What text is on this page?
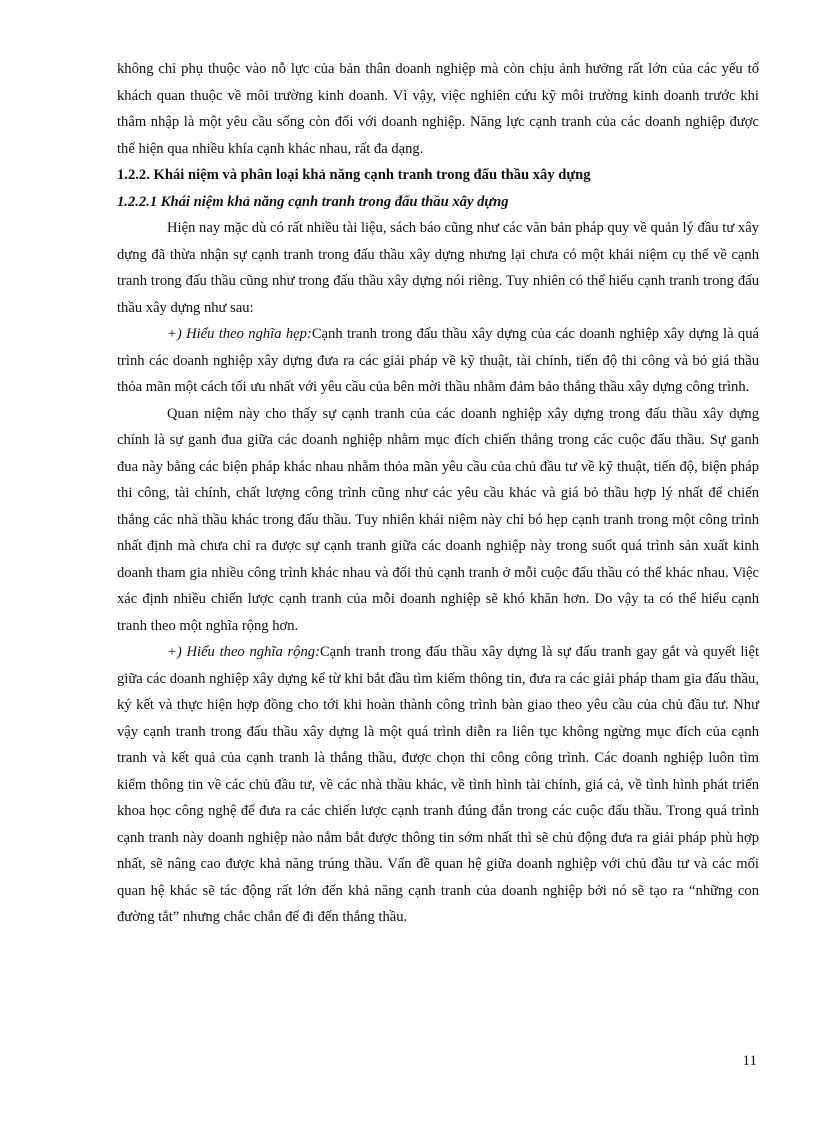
không chỉ phụ thuộc vào nỗ lực của bản thân doanh nghiệp mà còn chịu ảnh hưởng rất lớn của các yếu tố khách quan thuộc về môi trường kinh doanh. Vì vậy, việc nghiên cứu kỹ môi trường kinh doanh trước khi thâm nhập là một yêu cầu sống còn đối với doanh nghiệp. Năng lực cạnh tranh của các doanh nghiệp được thể hiện qua nhiều khía cạnh khác nhau, rất đa dạng.

1.2.2. Khái niệm và phân loại khả năng cạnh tranh trong đấu thầu xây dựng

1.2.2.1 Khái niệm khả năng cạnh tranh trong đấu thầu xây dựng

Hiện nay mặc dù có rất nhiều tài liệu, sách báo cũng như các văn bản pháp quy về quản lý đầu tư xây dựng đã thừa nhận sự cạnh tranh trong đấu thầu xây dựng nhưng lại chưa có một khái niệm cụ thể về cạnh tranh trong đấu thầu cũng như trong đấu thầu xây dựng nói riêng. Tuy nhiên có thể hiểu cạnh tranh trong đấu thầu xây dựng như sau:

+) Hiểu theo nghĩa hẹp:Cạnh tranh trong đấu thầu xây dựng của các doanh nghiệp xây dựng là quá trình các doanh nghiệp xây dựng đưa ra các giải pháp về kỹ thuật, tài chính, tiến độ thi công và bỏ giá thầu thỏa mãn một cách tối ưu nhất với yêu cầu của bên mời thầu nhằm đảm bảo thắng thầu xây dựng công trình.

Quan niệm này cho thấy sự cạnh tranh của các doanh nghiệp xây dựng trong đấu thầu xây dựng chính là sự ganh đua giữa các doanh nghiệp nhằm mục đích chiến thắng trong các cuộc đấu thầu. Sự ganh đua này bằng các biện pháp khác nhau nhằm thỏa mãn yêu cầu của chủ đầu tư về kỹ thuật, tiến độ, biện pháp thi công, tài chính, chất lượng công trình cũng như các yêu cầu khác và giá bỏ thầu hợp lý nhất để chiến thắng các nhà thầu khác trong đấu thầu. Tuy nhiên khái niệm này chỉ bó hẹp cạnh tranh trong một công trình nhất định mà chưa chỉ ra được sự cạnh tranh giữa các doanh nghiệp này trong suốt quá trình sản xuất kinh doanh tham gia nhiều công trình khác nhau và đối thủ cạnh tranh ở mỗi cuộc đấu thầu có thể khác nhau. Việc xác định nhiều chiến lược cạnh tranh của mỗi doanh nghiệp sẽ khó khăn hơn. Do vậy ta có thể hiểu cạnh tranh theo một nghĩa rộng hơn.

+) Hiểu theo nghĩa rộng:Cạnh tranh trong đấu thầu xây dựng là sự đấu tranh gay gắt và quyết liệt giữa các doanh nghiệp xây dựng kể từ khi bắt đầu tìm kiếm thông tin, đưa ra các giải pháp tham gia đấu thầu, ký kết và thực hiện hợp đồng cho tới khi hoàn thành công trình bàn giao theo yêu cầu của chủ đầu tư. Như vậy cạnh tranh trong đấu thầu xây dựng là một quá trình diễn ra liên tục không ngừng mục đích của cạnh tranh và kết quả của cạnh tranh là thắng thầu, được chọn thi công công trình. Các doanh nghiệp luôn tìm kiếm thông tin về các chủ đầu tư, về các nhà thầu khác, về tình hình tài chính, giá cả, về tình hình phát triển khoa học công nghệ để đưa ra các chiến lược cạnh tranh đúng đắn trong các cuộc đấu thầu. Trong quá trình cạnh tranh này doanh nghiệp nào nắm bắt được thông tin sớm nhất thì sẽ chủ động đưa ra giải pháp phù hợp nhất, sẽ nâng cao được khả năng trúng thầu. Vấn đề quan hệ giữa doanh nghiệp với chủ đầu tư và các mối quan hệ khác sẽ tác động rất lớn đến khả năng cạnh tranh của doanh nghiệp bởi nó sẽ tạo ra “những con đường tắt” nhưng chắc chắn để đi đến thắng thầu.

11
